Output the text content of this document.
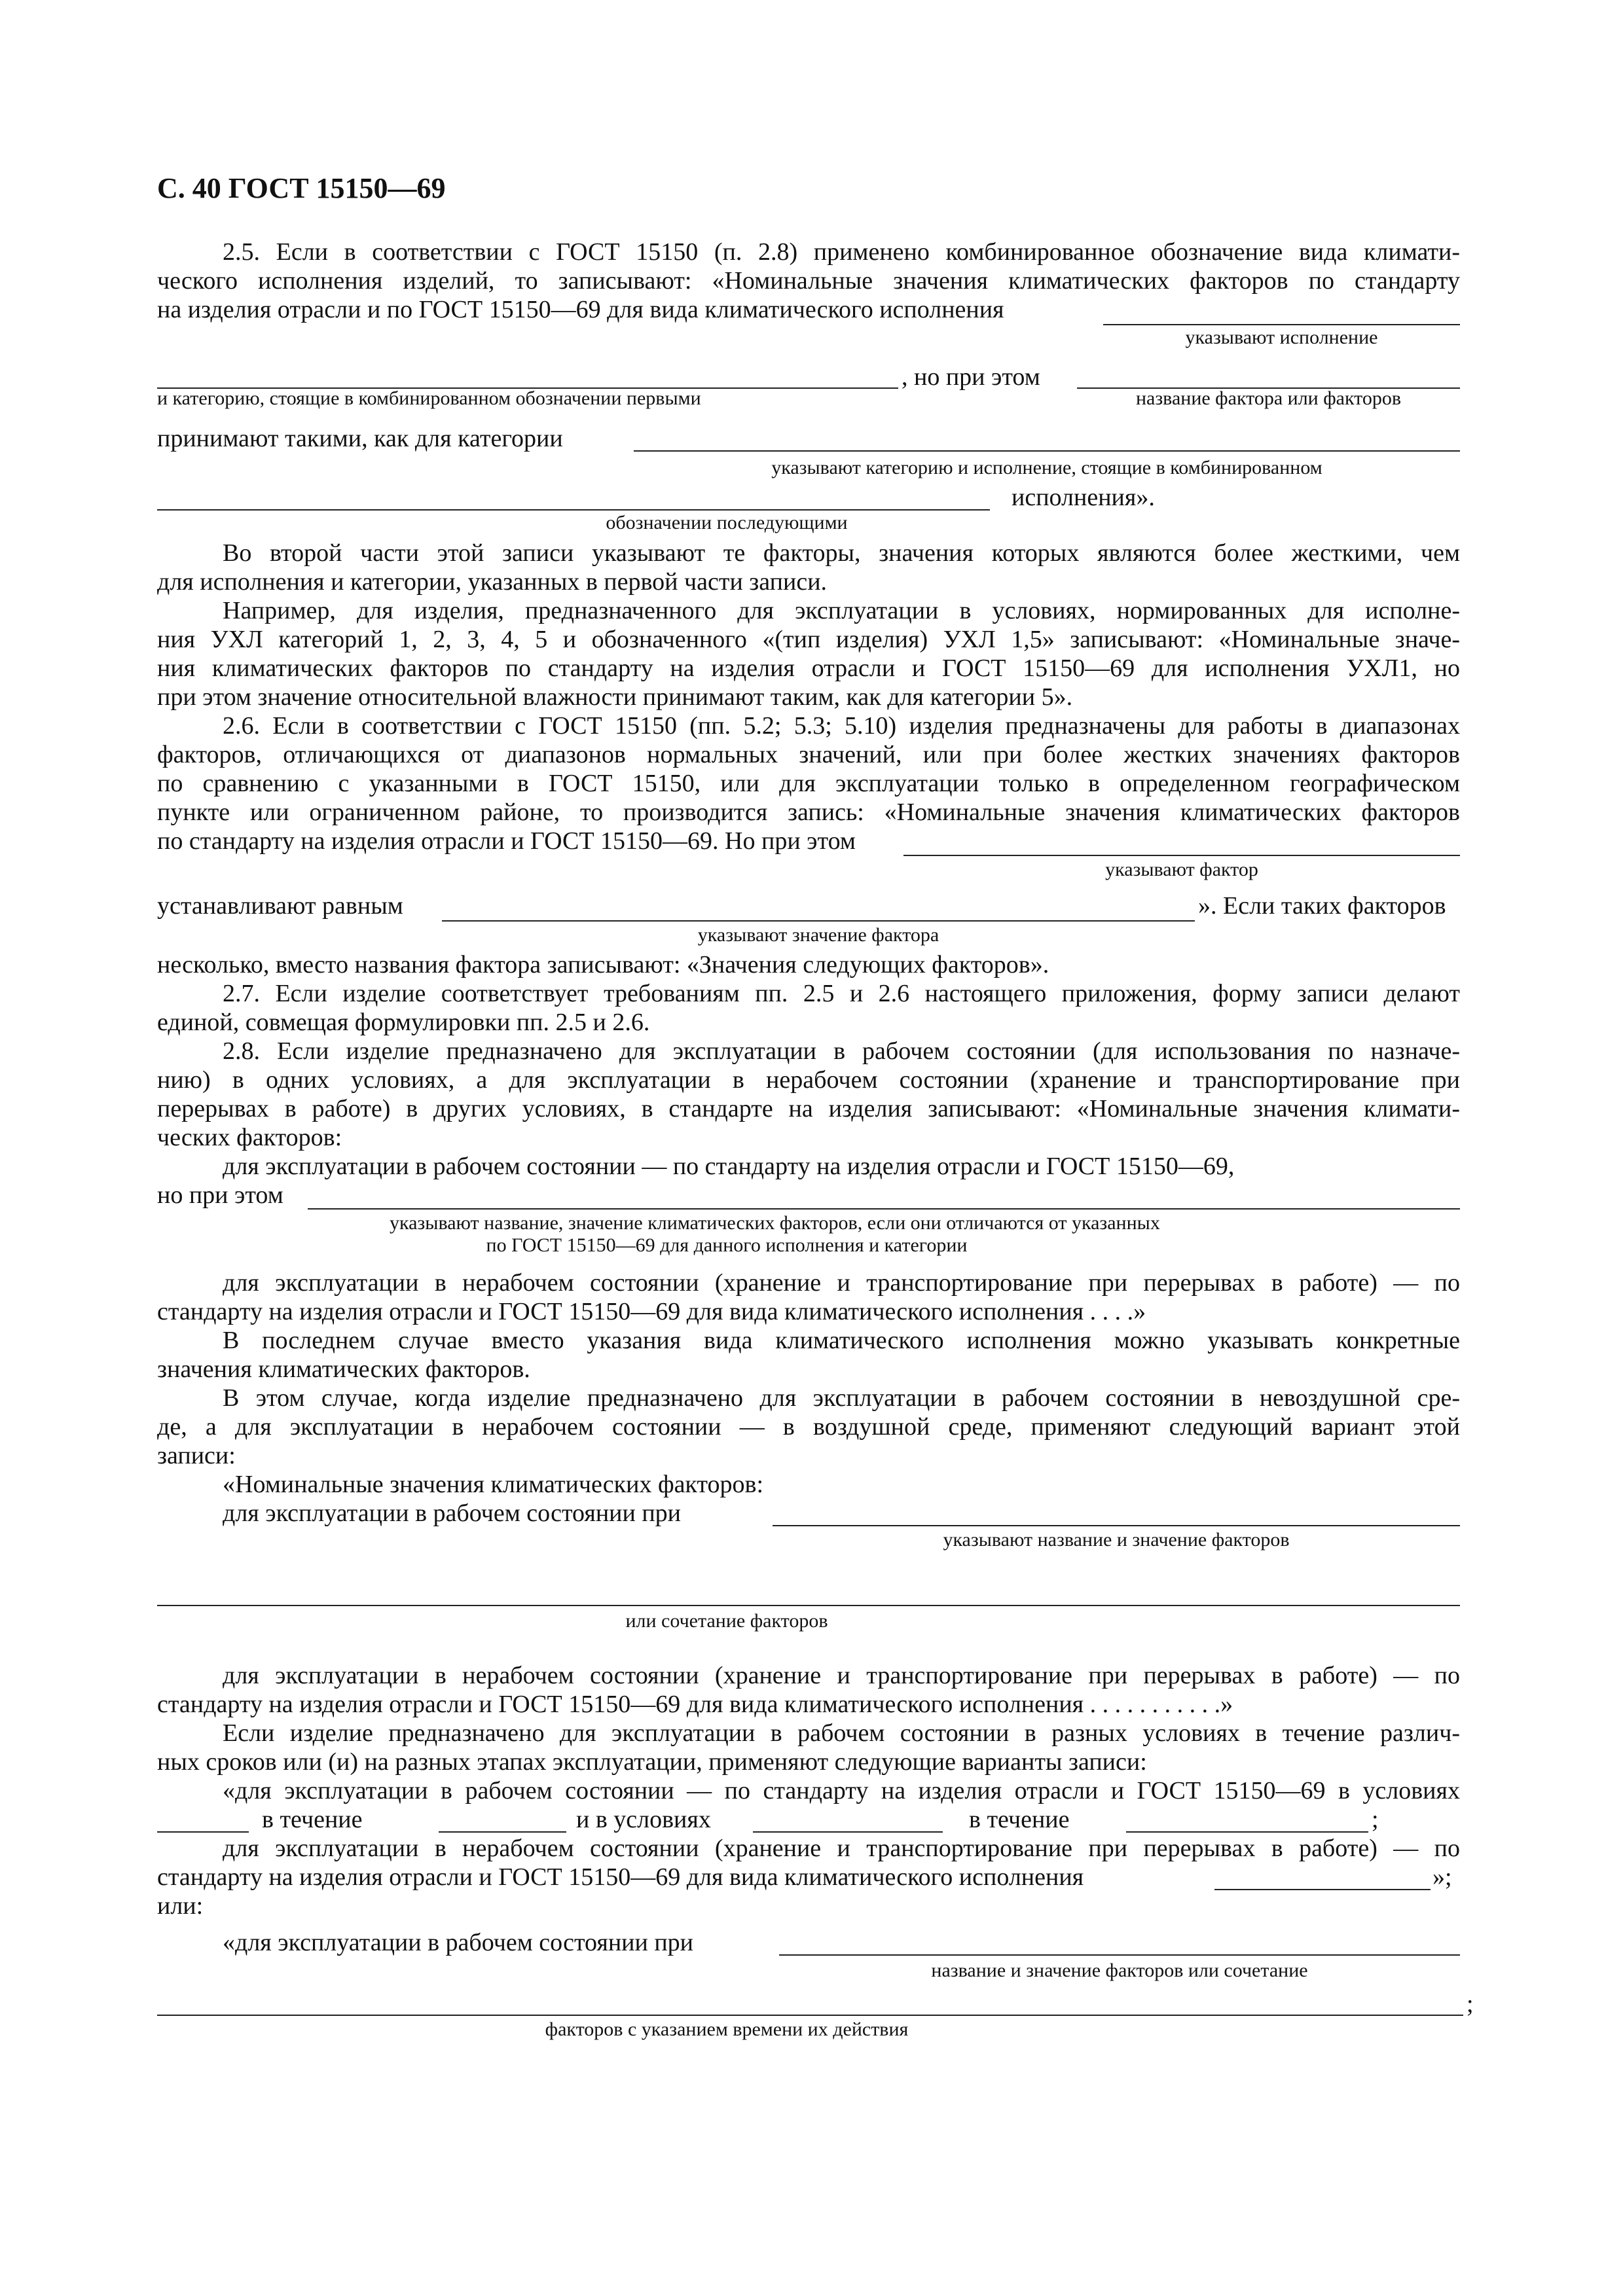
С. 40 ГОСТ 15150—69
2.5. Если в соответствии с ГОСТ 15150 (п. 2.8) применено комбинированное обозначение вида климати-
ческого исполнения изделий, то записывают: «Номинальные значения климатических факторов по стандарту
на изделия отрасли и по ГОСТ 15150—69 для вида климатического исполнения
указывают исполнение
, но при этом
и категорию, стоящие в комбинированном обозначении первыми	название фактора или факторов
принимают такими, как для категории
указывают категорию и исполнение, стоящие в комбинированном
исполнения».
обозначении последующими
Во второй части этой записи указывают те факторы, значения которых являются более жесткими, чем
для исполнения и категории, указанных в первой части записи.
Например, для изделия, предназначенного для эксплуатации в условиях, нормированных для исполне-
ния УХЛ категорий 1, 2, 3, 4, 5 и обозначенного «(тип изделия) УХЛ 1,5» записывают: «Номинальные значе-
ния климатических факторов по стандарту на изделия отрасли и ГОСТ 15150—69 для исполнения УХЛ1, но
при этом значение относительной влажности принимают таким, как для категории 5».
2.6. Если в соответствии с ГОСТ 15150 (пп. 5.2; 5.3; 5.10) изделия предназначены для работы в диапазонах
факторов, отличающихся от диапазонов нормальных значений, или при более жестких значениях факторов
по сравнению с указанными в ГОСТ 15150, или для эксплуатации только в определенном географическом
пункте или ограниченном районе, то производится запись: «Номинальные значения климатических факторов
по стандарту на изделия отрасли и ГОСТ 15150—69. Но при этом
указывают фактор
устанавливают равным	». Если таких факторов
указывают значение фактора
несколько, вместо названия фактора записывают: «Значения следующих факторов».
2.7. Если изделие соответствует требованиям пп. 2.5 и 2.6 настоящего приложения, форму записи делают
единой, совмещая формулировки пп. 2.5 и 2.6.
2.8. Если изделие предназначено для эксплуатации в рабочем состоянии (для использования по назначе-
нию) в одних условиях, а для эксплуатации в нерабочем состоянии (хранение и транспортирование при
перерывах в работе) в других условиях, в стандарте на изделия записывают: «Номинальные значения климати-
ческих факторов:
для эксплуатации в рабочем состоянии — по стандарту на изделия отрасли и ГОСТ 15150—69,
но при этом
указывают название, значение климатических факторов, если они отличаются от указанных
по ГОСТ 15150—69 для данного исполнения и категории
для эксплуатации в нерабочем состоянии (хранение и транспортирование при перерывах в работе) — по
стандарту на изделия отрасли и ГОСТ 15150—69 для вида климатического исполнения . . . .»
В последнем случае вместо указания вида климатического исполнения можно указывать конкретные
значения климатических факторов.
В этом случае, когда изделие предназначено для эксплуатации в рабочем состоянии в невоздушной сре-
де, а для эксплуатации в нерабочем состоянии — в воздушной среде, применяют следующий вариант этой
записи:
«Номинальные значения климатических факторов:
для эксплуатации в рабочем состоянии при
указывают название и значение факторов
или сочетание факторов
для эксплуатации в нерабочем состоянии (хранение и транспортирование при перерывах в работе) — по
стандарту на изделия отрасли и ГОСТ 15150—69 для вида климатического исполнения . . . . . . . . . . .»
Если изделие предназначено для эксплуатации в рабочем состоянии в разных условиях в течение различ-
ных сроков или (и) на разных этапах эксплуатации, применяют следующие варианты записи:
«для эксплуатации в рабочем состоянии — по стандарту на изделия отрасли и ГОСТ 15150—69 в условиях
в течение	и в условиях	в течение	;
для эксплуатации в нерабочем состоянии (хранение и транспортирование при перерывах в работе) — по
стандарту на изделия отрасли и ГОСТ 15150—69 для вида климатического исполнения	»;
или:
«для эксплуатации в рабочем состоянии при
название и значение факторов или сочетание
;
факторов с указанием времени их действия
